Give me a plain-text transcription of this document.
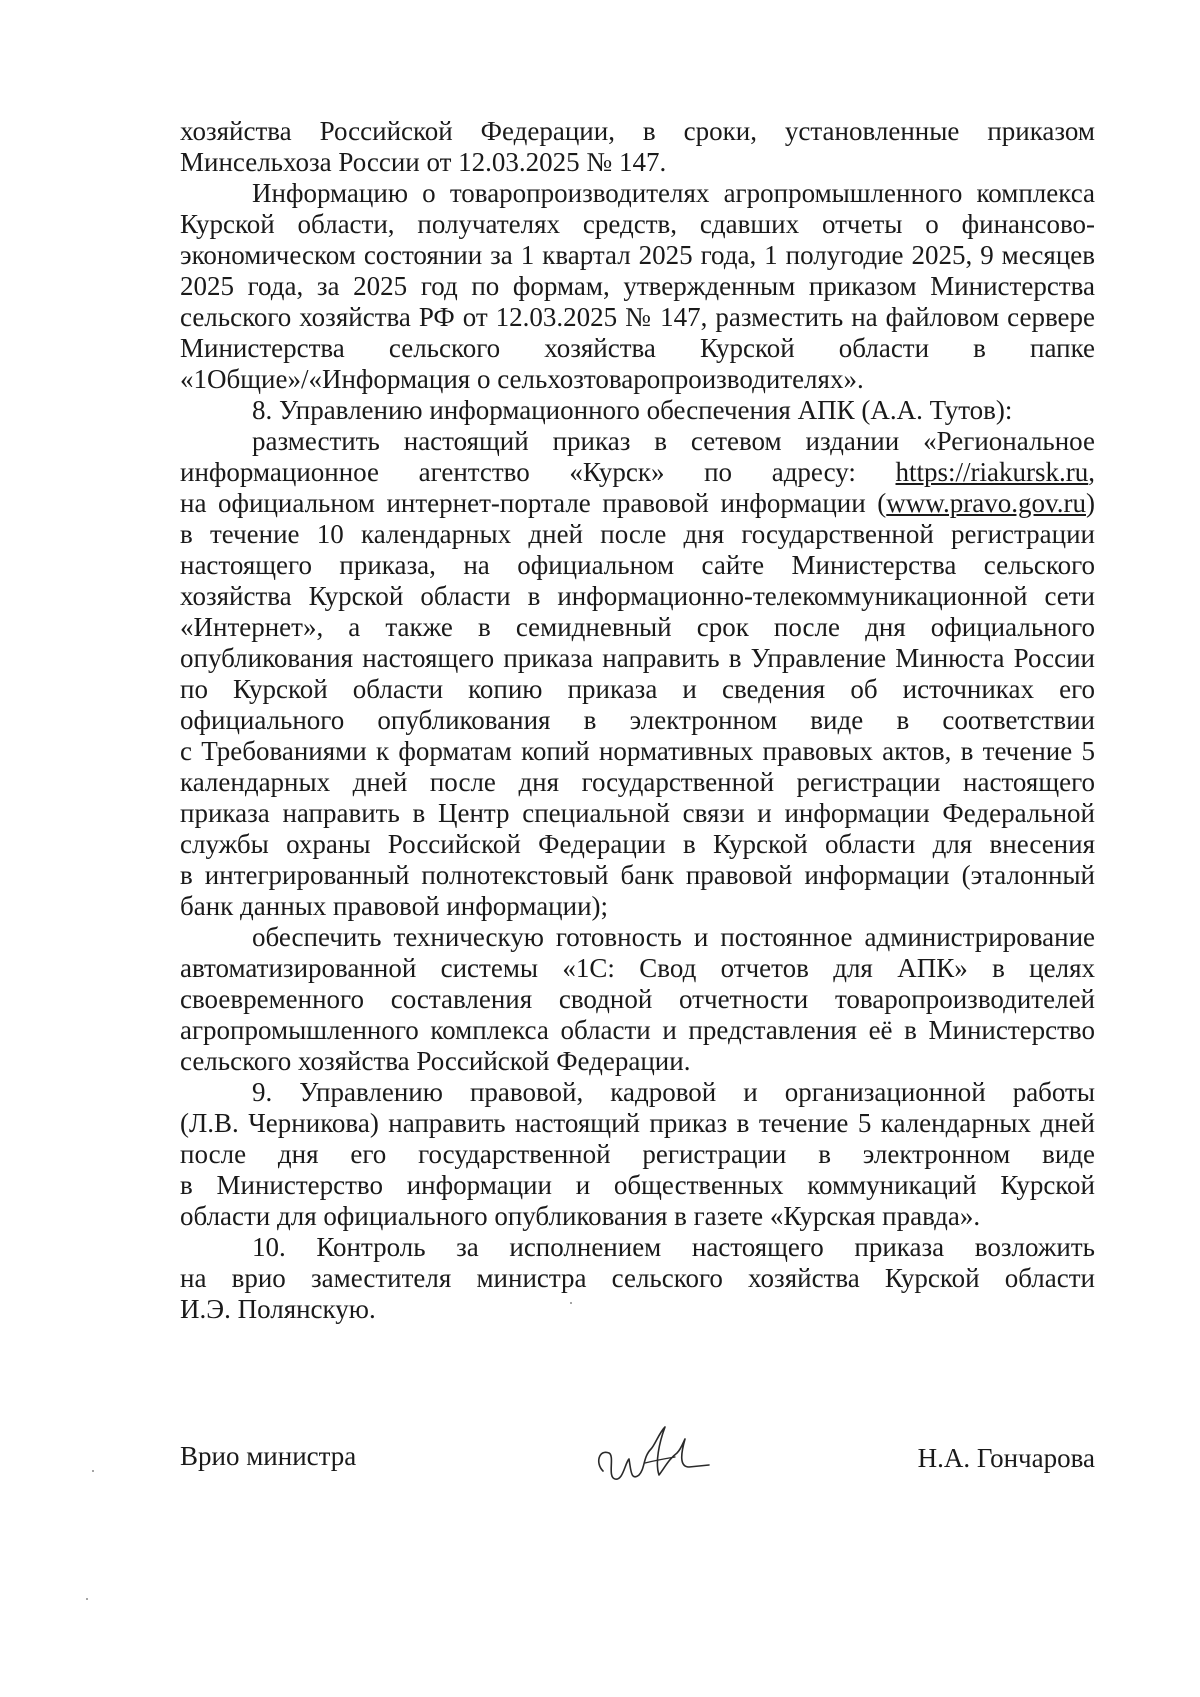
хозяйства Российской Федерации, в сроки, установленные приказом
Минсельхоза России от 12.03.2025 № 147.

Информацию о товаропроизводителях агропромышленного комплекса
Курской области, получателях средств, сдавших отчеты о финансово-
экономическом состоянии за 1 квартал 2025 года, 1 полугодие 2025, 9 месяцев
2025 года, за 2025 год по формам, утвержденным приказом Министерства
сельского хозяйства РФ от 12.03.2025 № 147, разместить на файловом сервере
Министерства сельского хозяйства Курской области в папке
«1Общие»/«Информация о сельхозтоваропроизводителях».

8. Управлению информационного обеспечения АПК (А.А. Тутов):

разместить настоящий приказ в сетевом издании «Региональное
информационное агентство «Курск» по адресу: https://riakursk.ru,
на официальном интернет-портале правовой информации (www.pravo.gov.ru)
в течение 10 календарных дней после дня государственной регистрации
настоящего приказа, на официальном сайте Министерства сельского
хозяйства Курской области в информационно-телекоммуникационной сети
«Интернет», а также в семидневный срок после дня официального
опубликования настоящего приказа направить в Управление Минюста России
по Курской области копию приказа и сведения об источниках его
официального опубликования в электронном виде в соответствии
с Требованиями к форматам копий нормативных правовых актов, в течение 5
календарных дней после дня государственной регистрации настоящего
приказа направить в Центр специальной связи и информации Федеральной
службы охраны Российской Федерации в Курской области для внесения
в интегрированный полнотекстовый банк правовой информации (эталонный
банк данных правовой информации);

обеспечить техническую готовность и постоянное администрирование
автоматизированной системы «1С: Свод отчетов для АПК» в целях
своевременного составления сводной отчетности товаропроизводителей
агропромышленного комплекса области и представления её в Министерство
сельского хозяйства Российской Федерации.

9. Управлению правовой, кадровой и организационной работы
(Л.В. Черникова) направить настоящий приказ в течение 5 календарных дней
после дня его государственной регистрации в электронном виде
в Министерство информации и общественных коммуникаций Курской
области для официального опубликования в газете «Курская правда».

10. Контроль за исполнением настоящего приказа возложить
на врио заместителя министра сельского хозяйства Курской области
И.Э. Полянскую.

Врио министра	Н.А. Гончарова
